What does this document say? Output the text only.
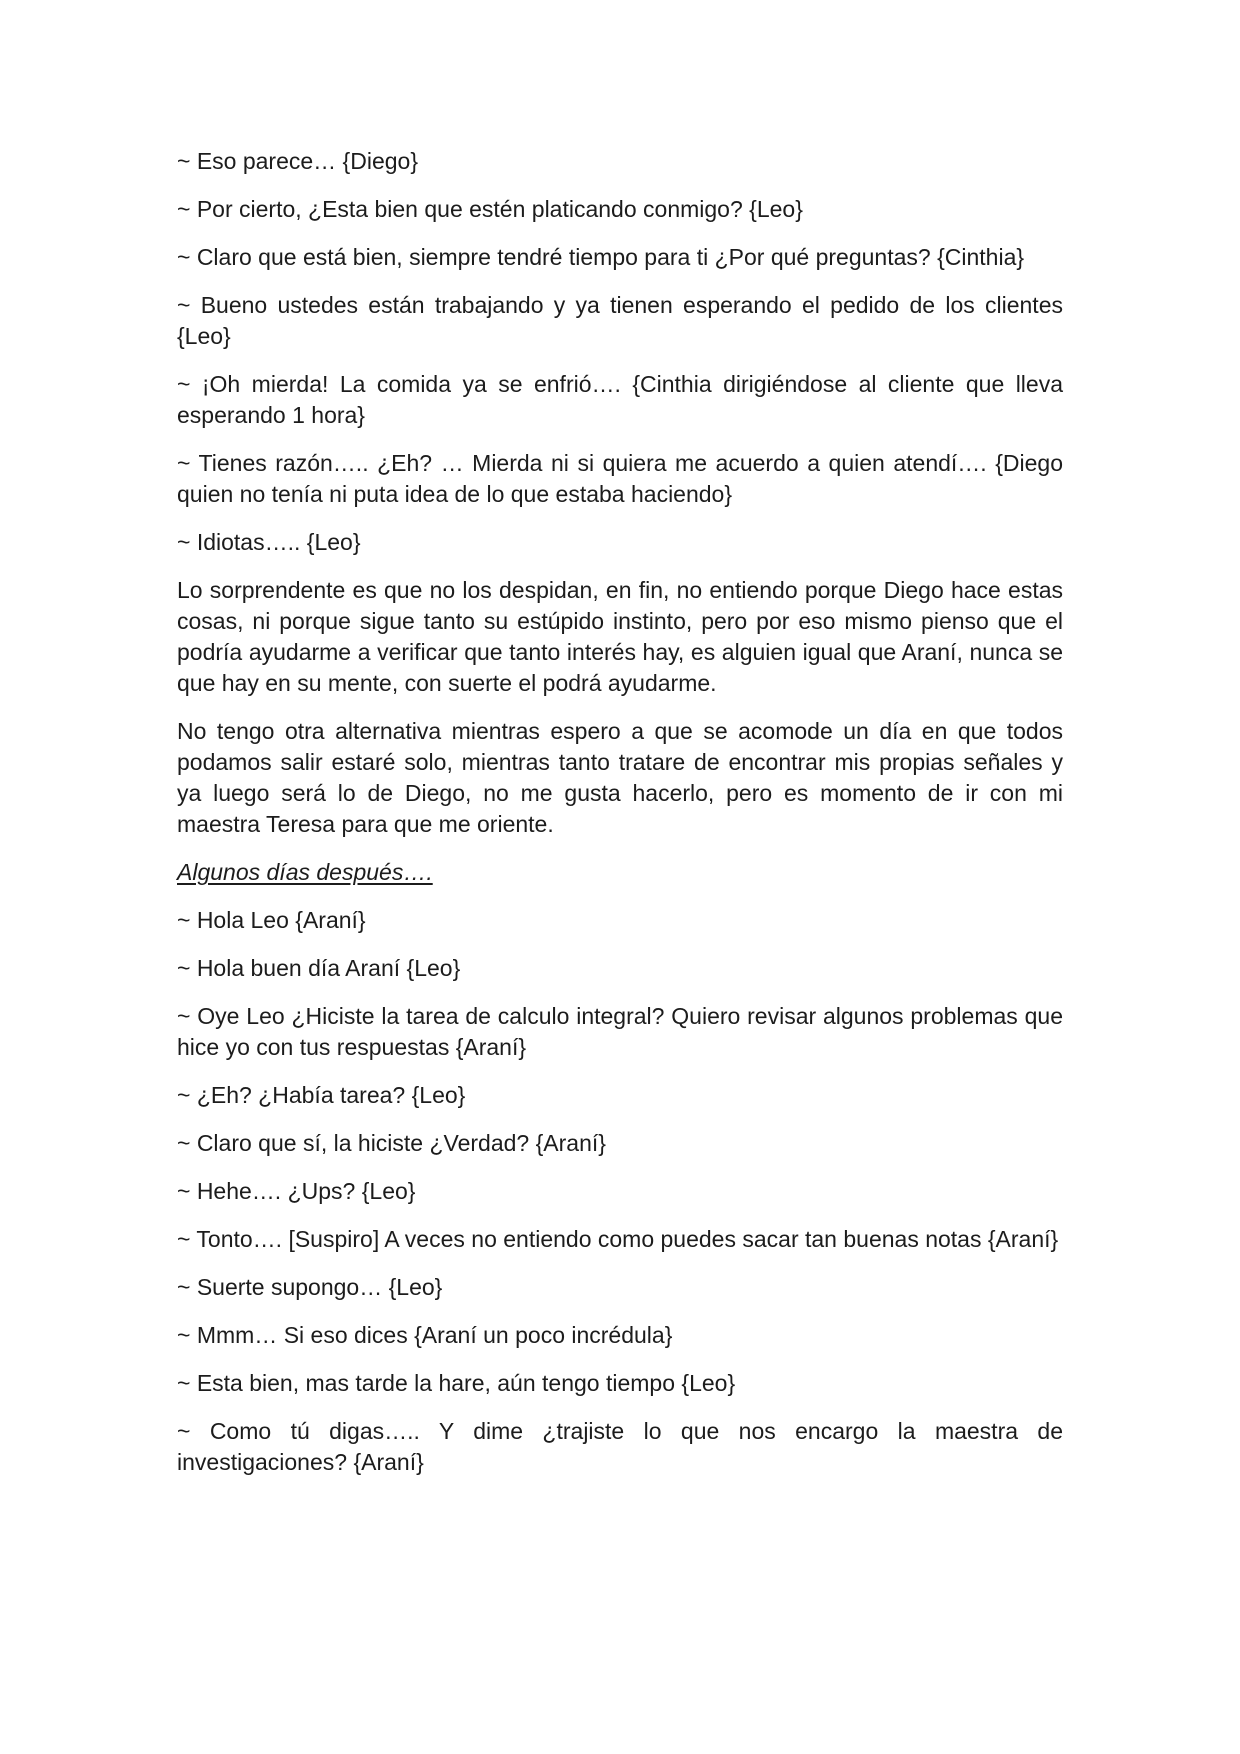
~ Eso parece… {Diego}

~ Por cierto, ¿Esta bien que estén platicando conmigo? {Leo}

~ Claro que está bien, siempre tendré tiempo para ti ¿Por qué preguntas? {Cinthia}

~ Bueno ustedes están trabajando y ya tienen esperando el pedido de los clientes {Leo}

~ ¡Oh mierda! La comida ya se enfrió…. {Cinthia dirigiéndose al cliente que lleva esperando 1 hora}

~ Tienes razón….. ¿Eh? … Mierda ni si quiera me acuerdo a quien atendí…. {Diego quien no tenía ni puta idea de lo que estaba haciendo}

~ Idiotas….. {Leo}

Lo sorprendente es que no los despidan, en fin, no entiendo porque Diego hace estas cosas, ni porque sigue tanto su estúpido instinto, pero por eso mismo pienso que el podría ayudarme a verificar que tanto interés hay, es alguien igual que Araní, nunca se que hay en su mente, con suerte el podrá ayudarme.

No tengo otra alternativa mientras espero a que se acomode un día en que todos podamos salir estaré solo, mientras tanto tratare de encontrar mis propias señales y ya luego será lo de Diego, no me gusta hacerlo, pero es momento de ir con mi maestra Teresa para que me oriente.

Algunos días después….

~ Hola Leo {Araní}

~ Hola buen día Araní {Leo}

~ Oye Leo ¿Hiciste la tarea de calculo integral? Quiero revisar algunos problemas que hice yo con tus respuestas {Araní}

~ ¿Eh? ¿Había tarea? {Leo}

~ Claro que sí, la hiciste ¿Verdad? {Araní}

~ Hehe…. ¿Ups? {Leo}

~ Tonto…. [Suspiro] A veces no entiendo como puedes sacar tan buenas notas {Araní}

~ Suerte supongo… {Leo}

~ Mmm… Si eso dices {Araní un poco incrédula}

~ Esta bien, mas tarde la hare, aún tengo tiempo {Leo}

~ Como tú digas….. Y dime ¿trajiste lo que nos encargo la maestra de investigaciones? {Araní}
